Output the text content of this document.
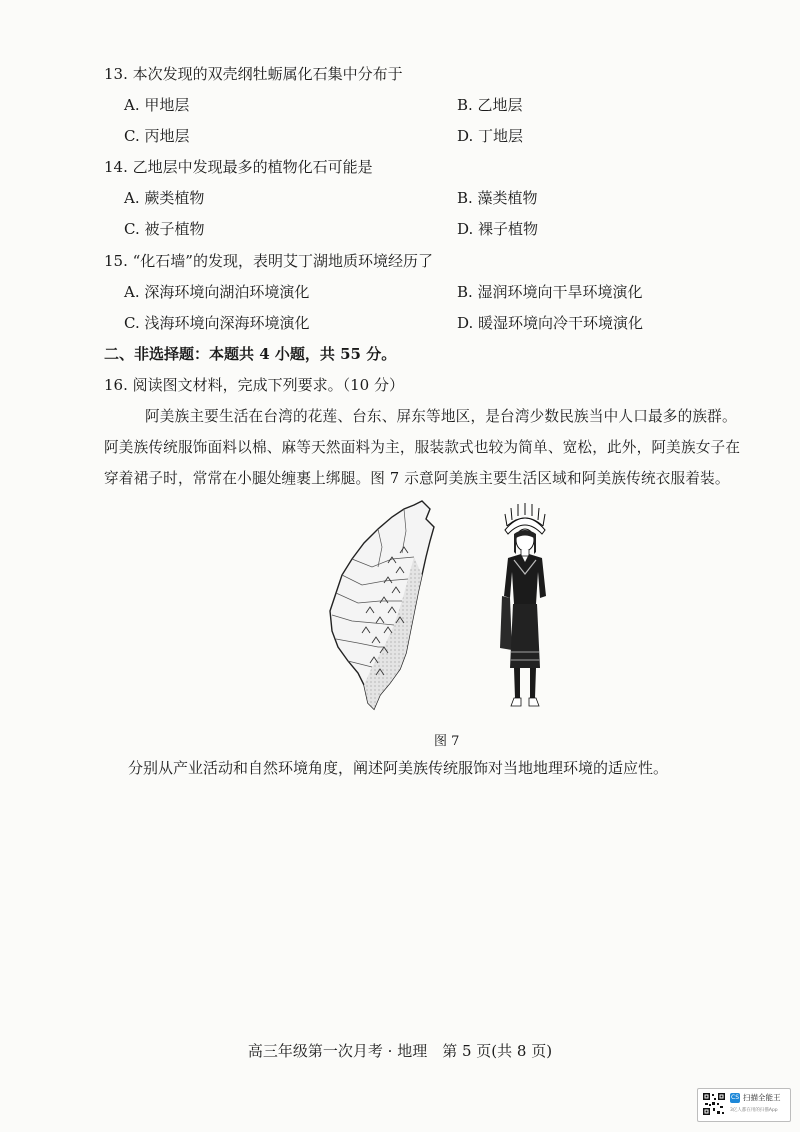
13. 本次发现的双壳纲牡蛎属化石集中分布于
A. 甲地层	B. 乙地层
C. 丙地层	D. 丁地层
14. 乙地层中发现最多的植物化石可能是
A. 蕨类植物	B. 藻类植物
C. 被子植物	D. 裸子植物
15. “化石墙”的发现，表明艾丁湖地质环境经历了
A. 深海环境向湖泊环境演化	B. 湿润环境向干旱环境演化
C. 浅海环境向深海环境演化	D. 暖湿环境向冷干环境演化
二、非选择题：本题共 4 小题，共 55 分。
16. 阅读图文材料，完成下列要求。（10 分）
阿美族主要生活在台湾的花莲、台东、屏东等地区，是台湾少数民族当中人口最多的族群。
阿美族传统服饰面料以棉、麻等天然面料为主，服装款式也较为简单、宽松，此外，阿美族女子在
穿着裙子时，常常在小腿处缠裹上绑腿。图 7 示意阿美族主要生活区域和阿美族传统衣服着装。
图 7
分别从产业活动和自然环境角度，阐述阿美族传统服饰对当地地理环境的适应性。
高三年级第一次月考 · 地理　第 5 页(共 8 页)
CS 扫描全能王
3亿人都在用的扫描App
